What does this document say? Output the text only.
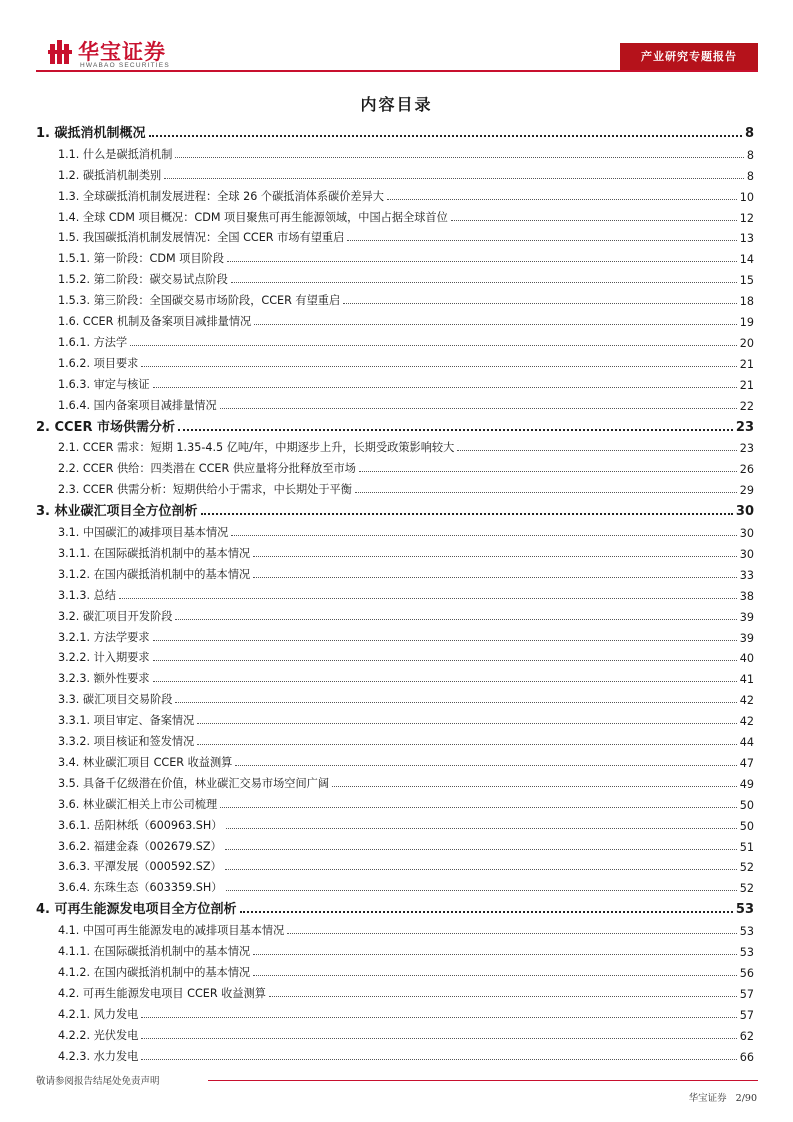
华宝证券
HWABAO SECURITIES
产业研究专题报告
内容目录
1. 碳抵消机制概况	8
1.1. 什么是碳抵消机制	8
1.2. 碳抵消机制类别	8
1.3. 全球碳抵消机制发展进程：全球 26 个碳抵消体系碳价差异大	10
1.4. 全球 CDM 项目概况：CDM 项目聚焦可再生能源领域，中国占据全球首位	12
1.5. 我国碳抵消机制发展情况：全国 CCER 市场有望重启	13
1.5.1. 第一阶段：CDM 项目阶段	14
1.5.2. 第二阶段：碳交易试点阶段	15
1.5.3. 第三阶段：全国碳交易市场阶段，CCER 有望重启	18
1.6. CCER 机制及备案项目减排量情况	19
1.6.1. 方法学	20
1.6.2. 项目要求	21
1.6.3. 审定与核证	21
1.6.4. 国内备案项目减排量情况	22
2. CCER 市场供需分析	23
2.1. CCER 需求：短期 1.35-4.5 亿吨/年，中期逐步上升，长期受政策影响较大	23
2.2. CCER 供给：四类潜在 CCER 供应量将分批释放至市场	26
2.3. CCER 供需分析：短期供给小于需求，中长期处于平衡	29
3. 林业碳汇项目全方位剖析	30
3.1. 中国碳汇的减排项目基本情况	30
3.1.1. 在国际碳抵消机制中的基本情况	30
3.1.2. 在国内碳抵消机制中的基本情况	33
3.1.3. 总结	38
3.2. 碳汇项目开发阶段	39
3.2.1. 方法学要求	39
3.2.2. 计入期要求	40
3.2.3. 额外性要求	41
3.3. 碳汇项目交易阶段	42
3.3.1. 项目审定、备案情况	42
3.3.2. 项目核证和签发情况	44
3.4. 林业碳汇项目 CCER 收益测算	47
3.5. 具备千亿级潜在价值，林业碳汇交易市场空间广阔	49
3.6. 林业碳汇相关上市公司梳理	50
3.6.1. 岳阳林纸（600963.SH）	50
3.6.2. 福建金森（002679.SZ）	51
3.6.3. 平潭发展（000592.SZ）	52
3.6.4. 东珠生态（603359.SH）	52
4. 可再生能源发电项目全方位剖析	53
4.1. 中国可再生能源发电的减排项目基本情况	53
4.1.1. 在国际碳抵消机制中的基本情况	53
4.1.2. 在国内碳抵消机制中的基本情况	56
4.2. 可再生能源发电项目 CCER 收益测算	57
4.2.1. 风力发电	57
4.2.2. 光伏发电	62
4.2.3. 水力发电	66
敬请参阅报告结尾处免责声明
华宝证券 2/90
